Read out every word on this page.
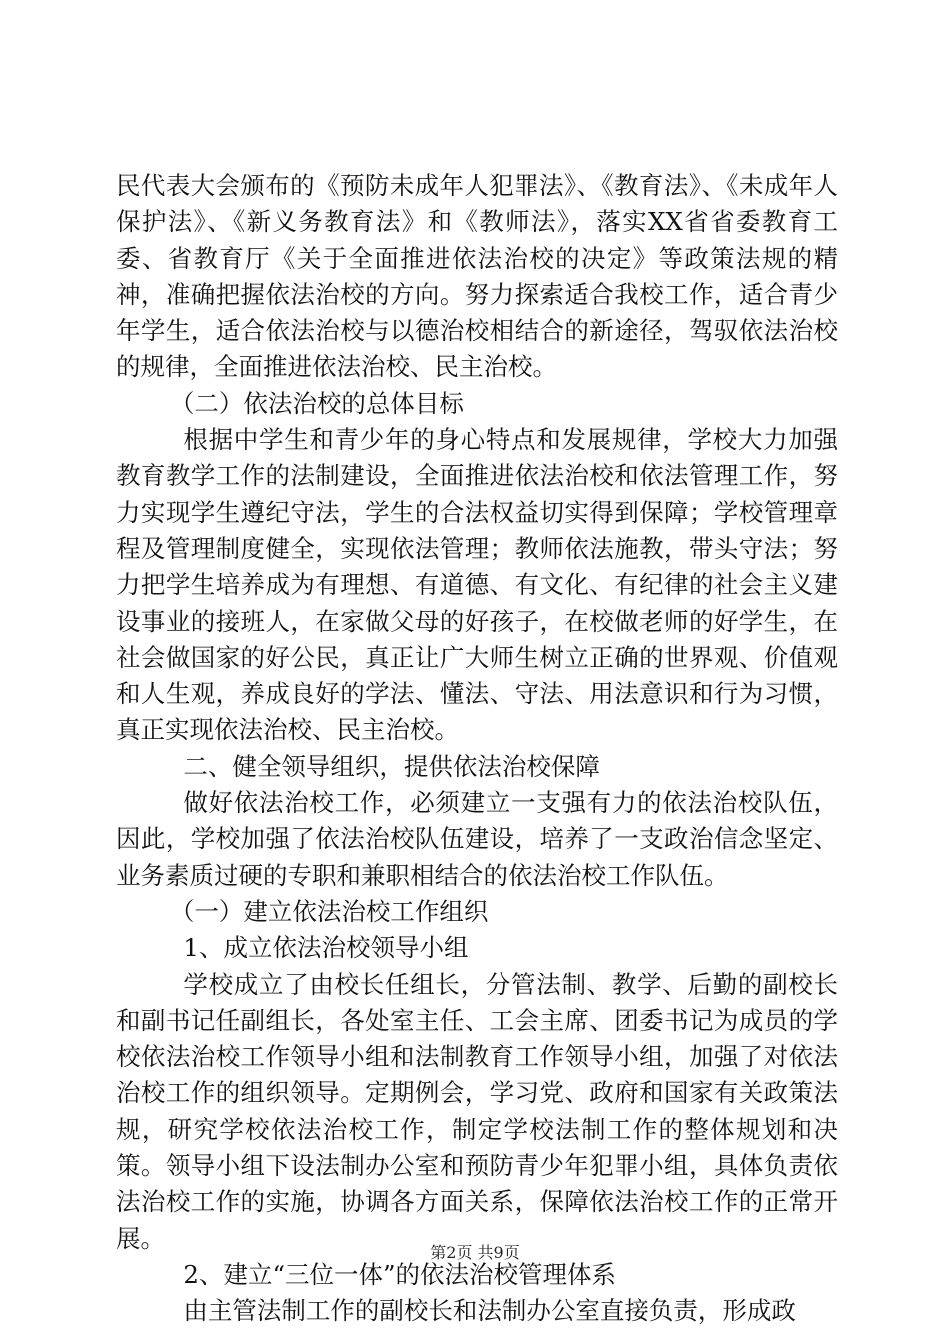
民代表大会颁布的《预防未成年人犯罪法》、《教育法》、《未成年人保护法》、《新义务教育法》和《教师法》，落实XX省省委教育工委、省教育厅《关于全面推进依法治校的决定》等政策法规的精神，准确把握依法治校的方向。努力探索适合我校工作，适合青少年学生，适合依法治校与以德治校相结合的新途径，驾驭依法治校的规律，全面推进依法治校、民主治校。

（二）依法治校的总体目标

根据中学生和青少年的身心特点和发展规律，学校大力加强教育教学工作的法制建设，全面推进依法治校和依法管理工作，努力实现学生遵纪守法，学生的合法权益切实得到保障；学校管理章程及管理制度健全，实现依法管理；教师依法施教，带头守法；努力把学生培养成为有理想、有道德、有文化、有纪律的社会主义建设事业的接班人，在家做父母的好孩子，在校做老师的好学生，在社会做国家的好公民，真正让广大师生树立正确的世界观、价值观和人生观，养成良好的学法、懂法、守法、用法意识和行为习惯，真正实现依法治校、民主治校。

二、健全领导组织，提供依法治校保障

做好依法治校工作，必须建立一支强有力的依法治校队伍，因此，学校加强了依法治校队伍建设，培养了一支政治信念坚定、业务素质过硬的专职和兼职相结合的依法治校工作队伍。

（一）建立依法治校工作组织

1、成立依法治校领导小组

学校成立了由校长任组长，分管法制、教学、后勤的副校长和副书记任副组长，各处室主任、工会主席、团委书记为成员的学校依法治校工作领导小组和法制教育工作领导小组，加强了对依法治校工作的组织领导。定期例会，学习党、政府和国家有关政策法规，研究学校依法治校工作，制定学校法制工作的整体规划和决策。领导小组下设法制办公室和预防青少年犯罪小组，具体负责依法治校工作的实施，协调各方面关系，保障依法治校工作的正常开展。

2、建立“三位一体”的依法治校管理体系

由主管法制工作的副校长和法制办公室直接负责，形成政

第2页 共9页
